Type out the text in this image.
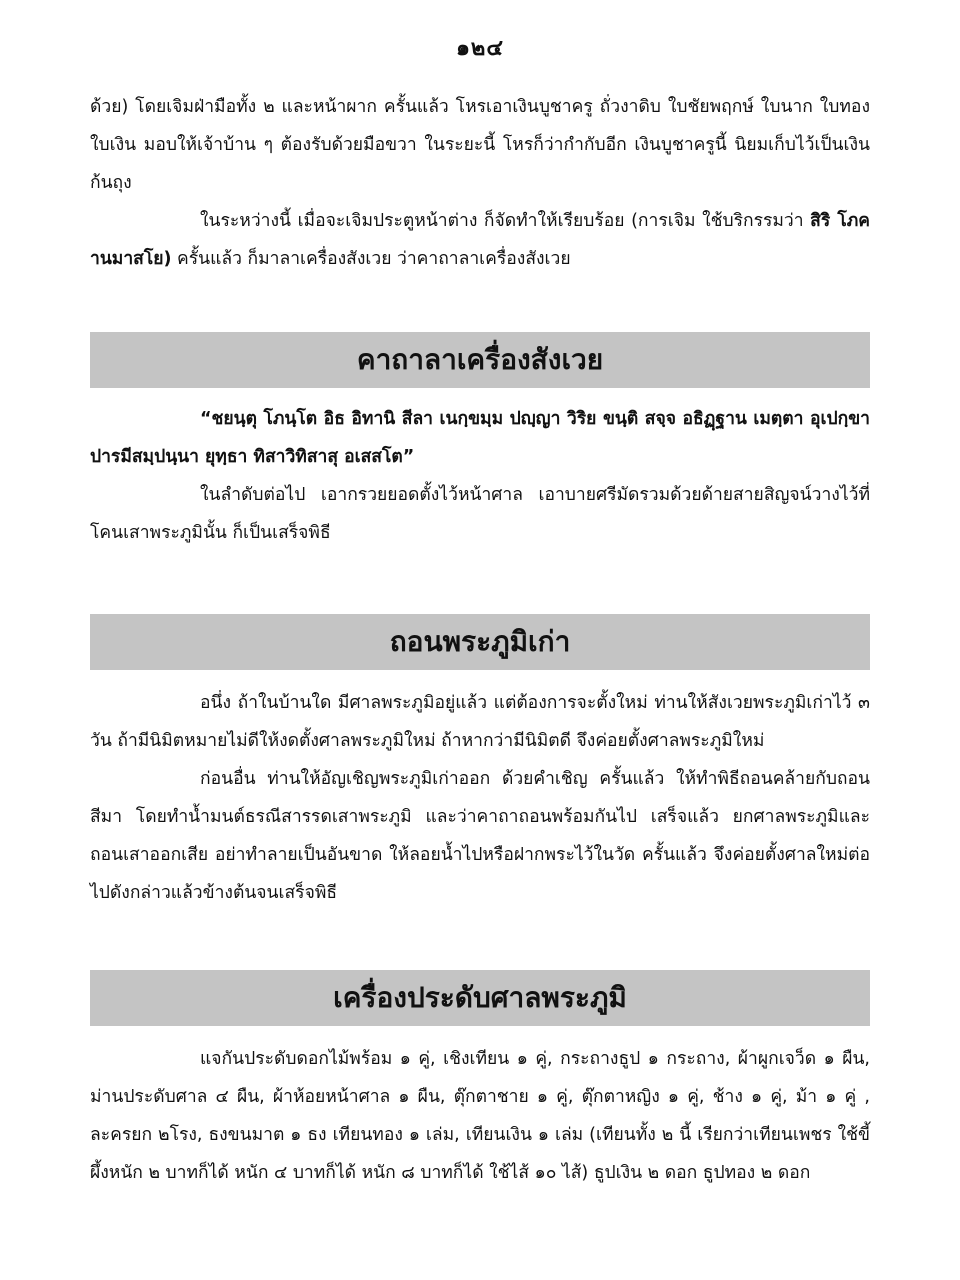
๑๒๔

ด้วย) โดยเจิมฝ่ามือทั้ง ๒ และหน้าผาก ครั้นแล้ว โหรเอาเงินบูชาครู ถั่วงาดิบ ใบชัยพฤกษ์ ใบนาก ใบทอง ใบเงิน มอบให้เจ้าบ้าน ๆ ต้องรับด้วยมือขวา ในระยะนี้ โหรก็ว่ากำกับอีก เงินบูชาครูนี้ นิยมเก็บไว้เป็นเงินก้นถุง

ในระหว่างนี้ เมื่อจะเจิมประตูหน้าต่าง ก็จัดทำให้เรียบร้อย (การเจิม ใช้บริกรรมว่า สิริ โภคานมาสโย) ครั้นแล้ว ก็มาลาเครื่องสังเวย ว่าคาถาลาเครื่องสังเวย

คาถาลาเครื่องสังเวย

“ชยนฺตุ โภนฺโต อิธ อิทานิ สีลา เนกฺขมฺม ปญฺญา วิริย ขนฺติ สจฺจ อธิฏฺฐาน เมตฺตา อุเปกฺขา ปารมีสมฺปนฺนา ยุทฺธา ทิสาวิทิสาสุ อเสสโต”

ในลำดับต่อไป เอากรวยยอดตั้งไว้หน้าศาล เอาบายศรีมัดรวมด้วยด้ายสายสิญจน์วางไว้ที่โคนเสาพระภูมินั้น ก็เป็นเสร็จพิธี

ถอนพระภูมิเก่า

อนึ่ง ถ้าในบ้านใด มีศาลพระภูมิอยู่แล้ว แต่ต้องการจะตั้งใหม่ ท่านให้สังเวยพระภูมิเก่าไว้ ๓ วัน ถ้ามีนิมิตหมายไม่ดีให้งดตั้งศาลพระภูมิใหม่ ถ้าหากว่ามีนิมิตดี จึงค่อยตั้งศาลพระภูมิใหม่

ก่อนอื่น ท่านให้อัญเชิญพระภูมิเก่าออก ด้วยคำเชิญ ครั้นแล้ว ให้ทำพิธีถอนคล้ายกับถอนสีมา โดยทำน้ำมนต์ธรณีสารรดเสาพระภูมิ และว่าคาถาถอนพร้อมกันไป เสร็จแล้ว ยกศาลพระภูมิและถอนเสาออกเสีย อย่าทำลายเป็นอันขาด ให้ลอยน้ำไปหรือฝากพระไว้ในวัด ครั้นแล้ว จึงค่อยตั้งศาลใหม่ต่อไปดังกล่าวแล้วข้างต้นจนเสร็จพิธี

เครื่องประดับศาลพระภูมิ

แจกันประดับดอกไม้พร้อม ๑ คู่, เชิงเทียน ๑ คู่, กระถางธูป ๑ กระถาง, ผ้าผูกเจว็ด ๑ ผืน, ม่านประดับศาล ๔ ผืน, ผ้าห้อยหน้าศาล ๑ ผืน, ตุ๊กตาชาย ๑ คู่, ตุ๊กตาหญิง ๑ คู่, ช้าง ๑ คู่, ม้า ๑ คู่ , ละครยก ๒โรง, ธงขนมาต ๑ ธง เทียนทอง ๑ เล่ม, เทียนเงิน ๑ เล่ม (เทียนทั้ง ๒ นี้ เรียกว่าเทียนเพชร ใช้ขี้ผึ้งหนัก ๒ บาทก็ได้ หนัก ๔ บาทก็ได้ หนัก ๘ บาทก็ได้ ใช้ไส้ ๑๐ ไส้) ธูปเงิน ๒ ดอก ธูปทอง ๒ ดอก
